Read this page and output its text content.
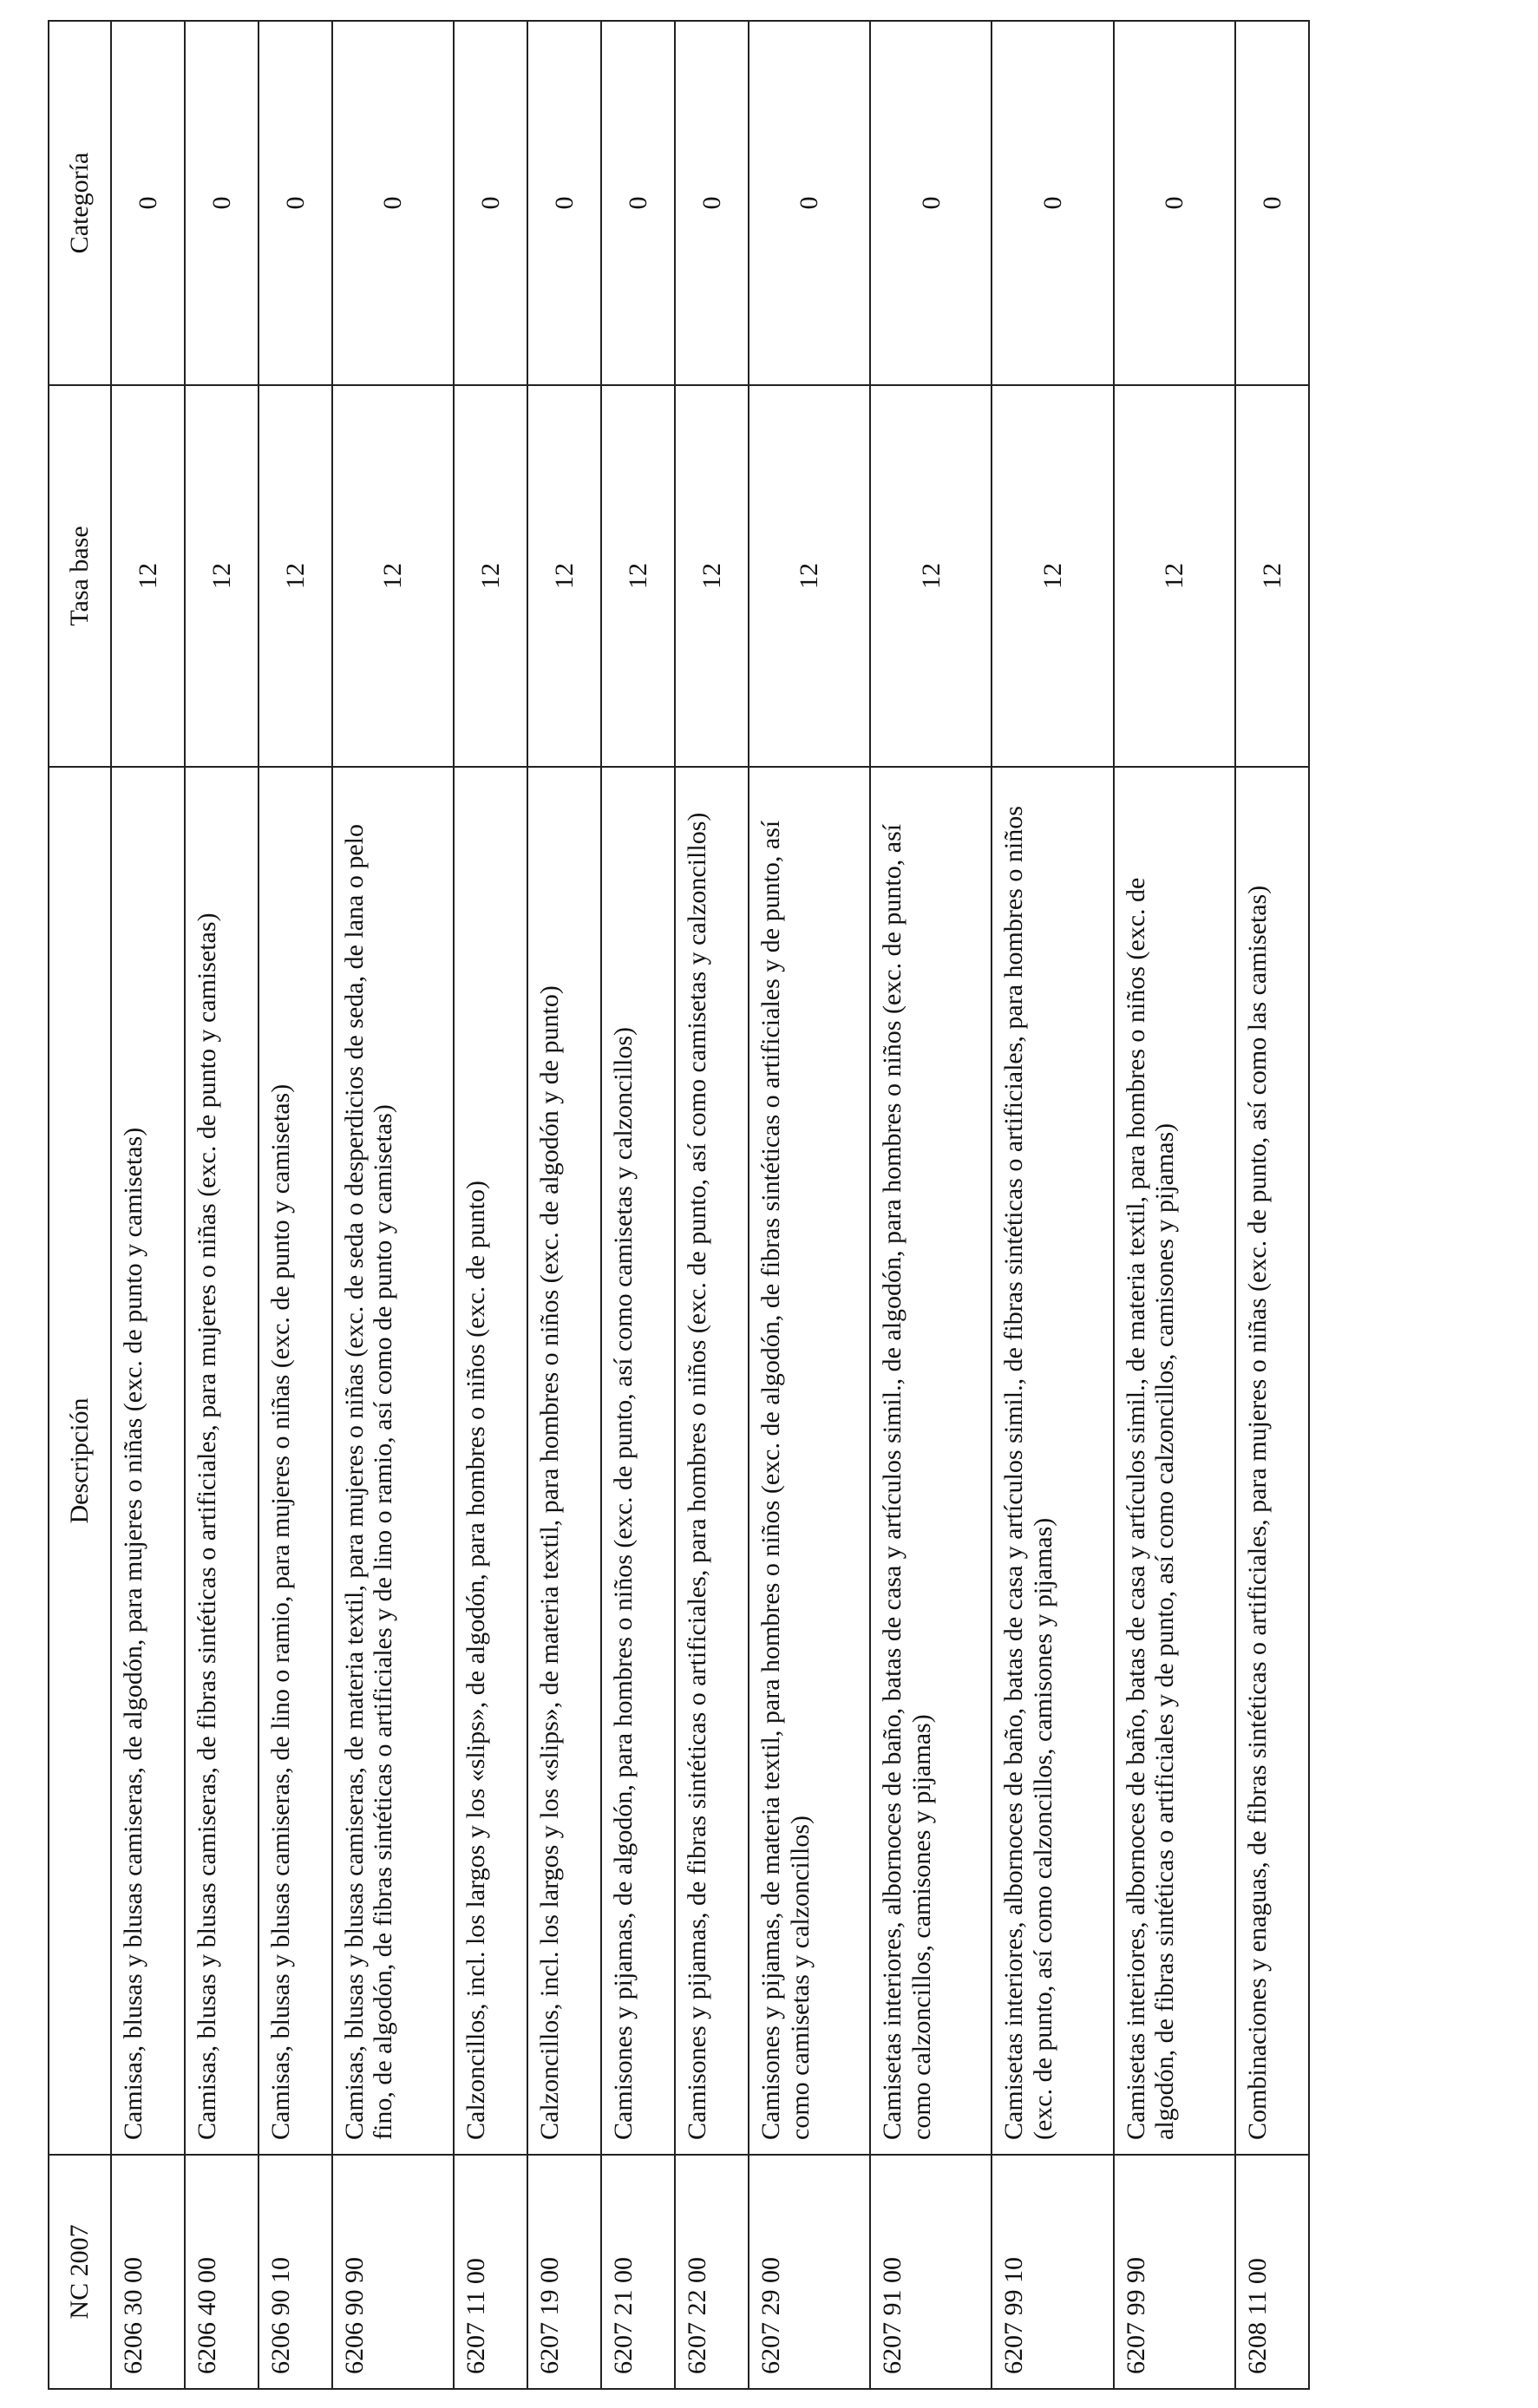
NC 2007	Descripción	Tasa base	Categoría
6206 30 00	Camisas, blusas y blusas camiseras, de algodón, para mujeres o niñas (exc. de punto y camisetas)	12	0
6206 40 00	Camisas, blusas y blusas camiseras, de fibras sintéticas o artificiales, para mujeres o niñas (exc. de punto y camisetas)	12	0
6206 90 10	Camisas, blusas y blusas camiseras, de lino o ramio, para mujeres o niñas (exc. de punto y camisetas)	12	0
6206 90 90	Camisas, blusas y blusas camiseras, de materia textil, para mujeres o niñas (exc. de seda o desperdicios de seda, de lana o pelo fino, de algodón, de fibras sintéticas o artificiales y de lino o ramio, así como de punto y camisetas)	12	0
6207 11 00	Calzoncillos, incl. los largos y los «slips», de algodón, para hombres o niños (exc. de punto)	12	0
6207 19 00	Calzoncillos, incl. los largos y los «slips», de materia textil, para hombres o niños (exc. de algodón y de punto)	12	0
6207 21 00	Camisones y pijamas, de algodón, para hombres o niños (exc. de punto, así como camisetas y calzoncillos)	12	0
6207 22 00	Camisones y pijamas, de fibras sintéticas o artificiales, para hombres o niños (exc. de punto, así como camisetas y calzoncillos)	12	0
6207 29 00	Camisones y pijamas, de materia textil, para hombres o niños (exc. de algodón, de fibras sintéticas o artificiales y de punto, así como camisetas y calzoncillos)	12	0
6207 91 00	Camisetas interiores, albornoces de baño, batas de casa y artículos simil., de algodón, para hombres o niños (exc. de punto, así como calzoncillos, camisones y pijamas)	12	0
6207 99 10	Camisetas interiores, albornoces de baño, batas de casa y artículos simil., de fibras sintéticas o artificiales, para hombres o niños (exc. de punto, así como calzoncillos, camisones y pijamas)	12	0
6207 99 90	Camisetas interiores, albornoces de baño, batas de casa y artículos simil., de materia textil, para hombres o niños (exc. de algodón, de fibras sintéticas o artificiales y de punto, así como calzoncillos, camisones y pijamas)	12	0
6208 11 00	Combinaciones y enaguas, de fibras sintéticas o artificiales, para mujeres o niñas (exc. de punto, así como las camisetas)	12	0
